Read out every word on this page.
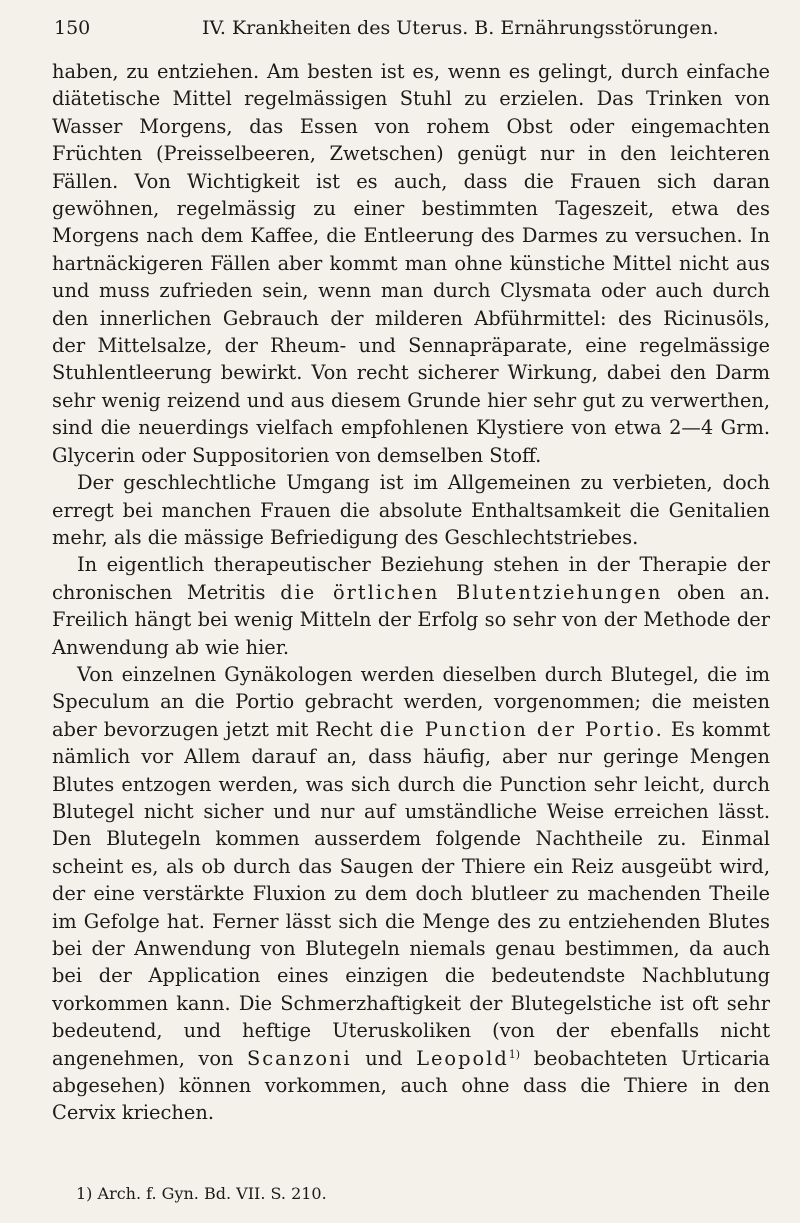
150	IV. Krankheiten des Uterus. B. Ernährungsstörungen.

haben, zu entziehen. Am besten ist es, wenn es gelingt, durch einfache diätetische Mittel regelmässigen Stuhl zu erzielen. Das Trinken von Wasser Morgens, das Essen von rohem Obst oder eingemachten Früchten (Preisselbeeren, Zwetschen) genügt nur in den leichteren Fällen. Von Wichtigkeit ist es auch, dass die Frauen sich daran gewöhnen, regelmässig zu einer bestimmten Tageszeit, etwa des Morgens nach dem Kaffee, die Entleerung des Darmes zu versuchen. In hartnäckigeren Fällen aber kommt man ohne künstiche Mittel nicht aus und muss zufrieden sein, wenn man durch Clysmata oder auch durch den innerlichen Gebrauch der milderen Abführmittel: des Ricinusöls, der Mittelsalze, der Rheum- und Sennapräparate, eine regelmässige Stuhlentleerung bewirkt. Von recht sicherer Wirkung, dabei den Darm sehr wenig reizend und aus diesem Grunde hier sehr gut zu verwerthen, sind die neuerdings vielfach empfohlenen Klystiere von etwa 2—4 Grm. Glycerin oder Suppositorien von demselben Stoff.

Der geschlechtliche Umgang ist im Allgemeinen zu verbieten, doch erregt bei manchen Frauen die absolute Enthaltsamkeit die Genitalien mehr, als die mässige Befriedigung des Geschlechtstriebes.

In eigentlich therapeutischer Beziehung stehen in der Therapie der chronischen Metritis die örtlichen Blutentziehungen oben an. Freilich hängt bei wenig Mitteln der Erfolg so sehr von der Methode der Anwendung ab wie hier.

Von einzelnen Gynäkologen werden dieselben durch Blutegel, die im Speculum an die Portio gebracht werden, vorgenommen; die meisten aber bevorzugen jetzt mit Recht die Punction der Portio. Es kommt nämlich vor Allem darauf an, dass häufig, aber nur geringe Mengen Blutes entzogen werden, was sich durch die Punction sehr leicht, durch Blutegel nicht sicher und nur auf umständliche Weise erreichen lässt. Den Blutegeln kommen ausserdem folgende Nachtheile zu. Einmal scheint es, als ob durch das Saugen der Thiere ein Reiz ausgeübt wird, der eine verstärkte Fluxion zu dem doch blutleer zu machenden Theile im Gefolge hat. Ferner lässt sich die Menge des zu entziehenden Blutes bei der Anwendung von Blutegeln niemals genau bestimmen, da auch bei der Application eines einzigen die bedeutendste Nachblutung vorkommen kann. Die Schmerzhaftigkeit der Blutegelstiche ist oft sehr bedeutend, und heftige Uteruskoliken (von der ebenfalls nicht angenehmen, von Scanzoni und Leopold$^{1)}$ beobachteten Urticaria abgesehen) können vorkommen, auch ohne dass die Thiere in den Cervix kriechen.

1) Arch. f. Gyn. Bd. VII. S. 210.
